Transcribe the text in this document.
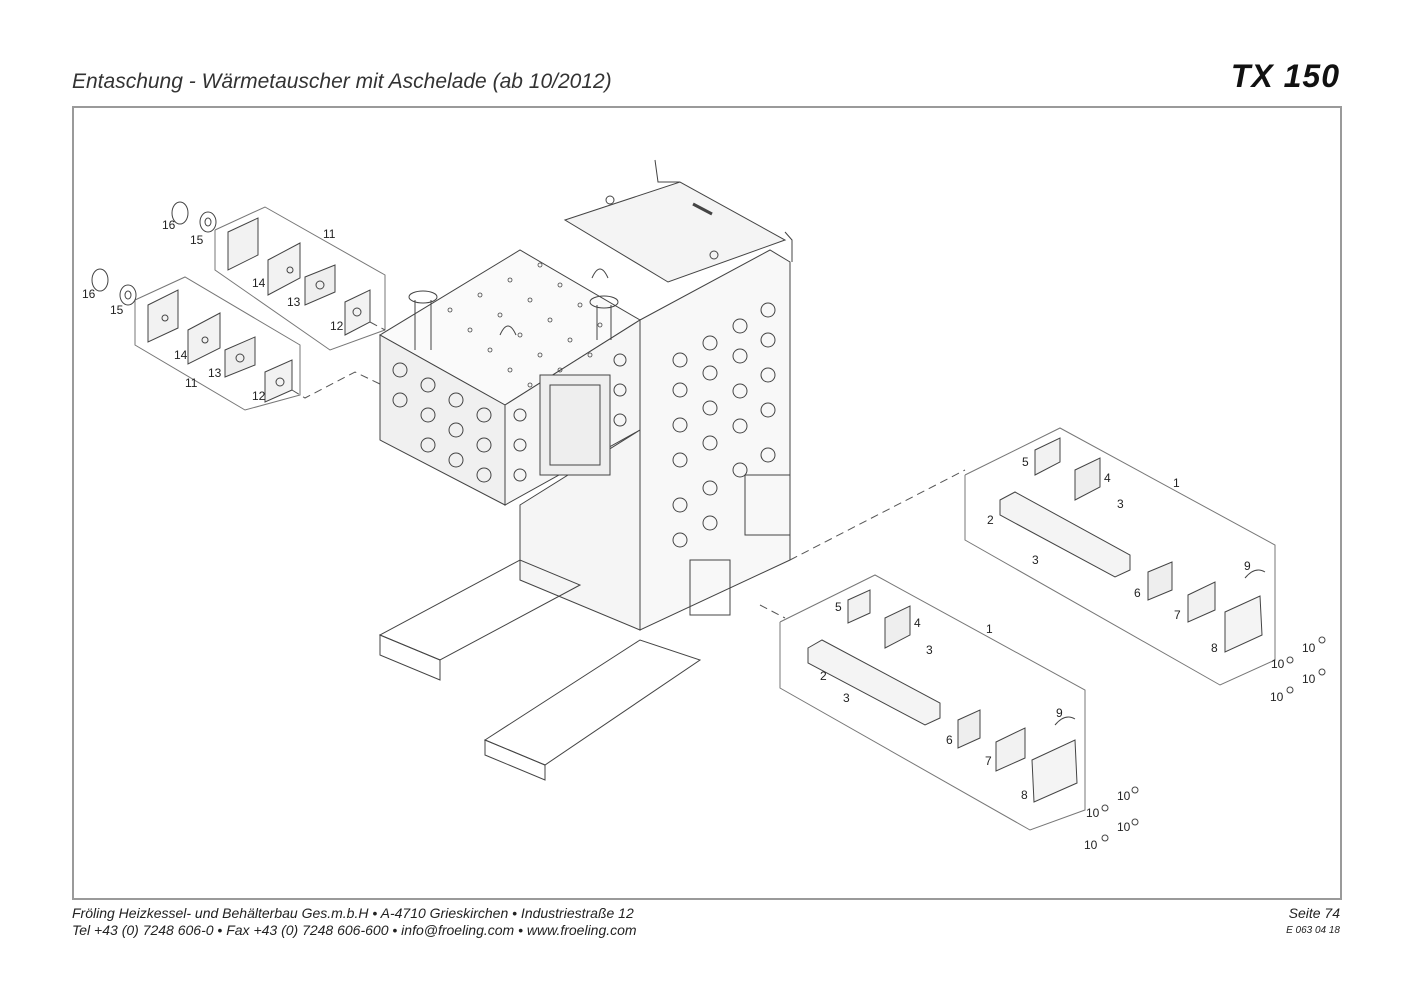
Entaschung - Wärmetauscher mit Aschelade (ab 10/2012)	TX 150
16
15	11
14
13
12
16
15
14
13
11
12
5
4	1
3
2
3	9
6
7
8	10
10
10
10
5
4	1
3
2
3
9
6
7
8	10
10
10
10
Fröling Heizkessel- und Behälterbau Ges.m.b.H • A-4710 Grieskirchen • Industriestraße 12
Tel +43 (0) 7248 606-0 • Fax +43 (0) 7248 606-600 • info@froeling.com • www.froeling.com
Seite 74
E 063 04 18
